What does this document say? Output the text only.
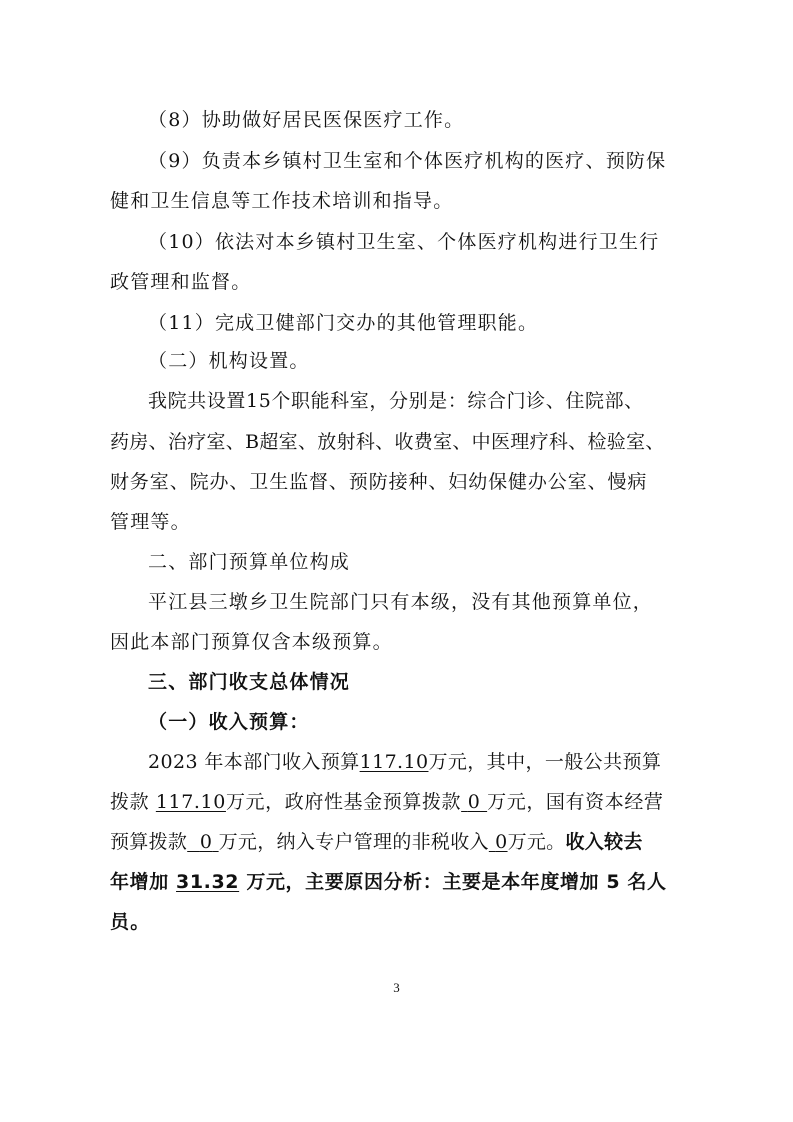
（8）协助做好居民医保医疗工作。
（9）负责本乡镇村卫生室和个体医疗机构的医疗、预防保
健和卫生信息等工作技术培训和指导。
（10）依法对本乡镇村卫生室、个体医疗机构进行卫生行
政管理和监督。
（11）完成卫健部门交办的其他管理职能。
（二）机构设置。
我院共设置15个职能科室，分别是：综合门诊、住院部、
药房、治疗室、B超室、放射科、收费室、中医理疗科、检验室、
财务室、院办、卫生监督、预防接种、妇幼保健办公室、慢病
管理等。
二、部门预算单位构成
平江县三墩乡卫生院部门只有本级，没有其他预算单位，
因此本部门预算仅含本级预算。
三、部门收支总体情况
（一）收入预算：
2023 年本部门收入预算117.10万元，其中，一般公共预算
拨款 117.10万元，政府性基金预算拨款 0 万元，国有资本经营
预算拨款 0 万元，纳入专户管理的非税收入 0万元。收入较去
年增加 31.32 万元，主要原因分析：主要是本年度增加 5 名人
员。
3
